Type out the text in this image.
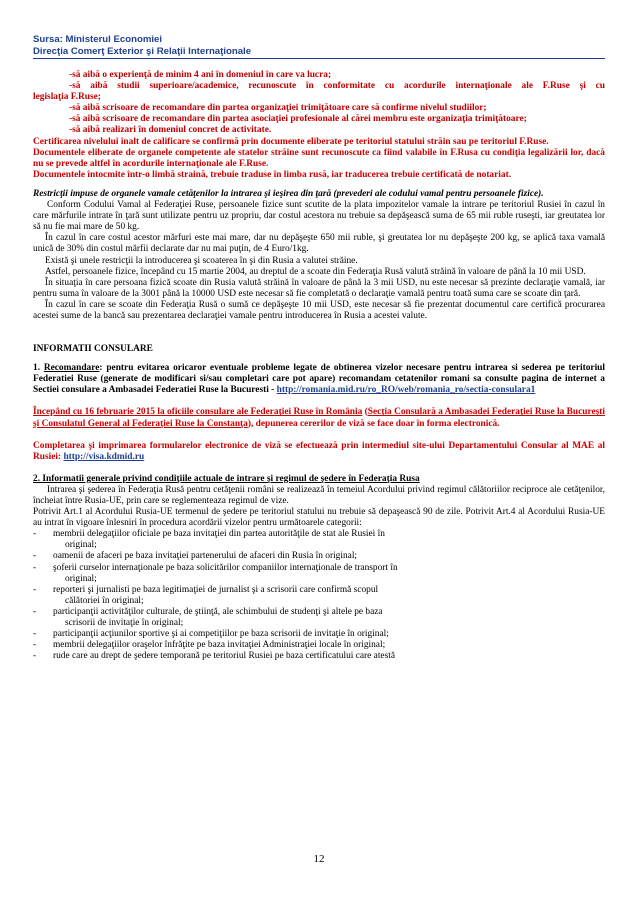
Sursa: Ministerul Economiei
Direcţia Comerţ Exterior şi Relaţii Internaţionale

-să aibă o experienţă de minim 4 ani în domeniul în care va lucra;

-să aibă studii superioare/academice, recunoscute în conformitate cu acordurile internaţionale ale F.Ruse şi cu

legislaţia F.Ruse;

-să aibă scrisoare de recomandare din partea organizaţiei trimiţătoare care să confirme nivelul studiilor;

-să aibă scrisoare de recomandare din partea asociaţiei profesionale al cărei membru este organizaţia trimiţătoare;

-să aibă realizari în domeniul concret de activitate.

Certificarea nivelului înalt de calificare se confirmă prin documente eliberate pe teritoriul statului străin sau pe teritoriul F.Ruse.

Documentele eliberate de organele competente ale statelor străine sunt recunoscute ca fiind valabile în F.Rusa cu condiţia legalizării lor, dacă nu se prevede altfel în acordurile internaţionale ale F.Ruse.

Documentele întocmite într-o limbă straină, trebuie traduse în limba rusă, iar traducerea trebuie certificată de notariat.

Restricţii impuse de organele vamale cetăţenilor la intrarea şi ieşirea din ţară (prevederi ale codului vamal pentru persoanele fizice).

Conform Codului Vamal al Federaţiei Ruse, persoanele fizice sunt scutite de la plata impozitelor vamale la intrare pe teritoriul Rusiei în cazul în care mărfurile intrate în ţară sunt utilizate pentru uz propriu, dar costul acestora nu trebuie sa depăşească suma de 65 mii ruble ruseşti, iar greutatea lor să nu fie mai mare de 50 kg.

În cazul în care costul acestor mărfuri este mai mare, dar nu depăşeşte 650 mii ruble, şi greutatea lor nu depăşeşte 200 kg, se aplică taxa vamală unică de 30% din costul mărfii declarate dar nu mai puţin, de 4 Euro/1kg.

Există şi unele restricţii la introducerea şi scoaterea în şi din Rusia a valutei străine.

Astfel, persoanele fizice, începând cu 15 martie 2004, au dreptul de a scoate din Federaţia Rusă valută străină în valoare de până la 10 mii USD.

În situaţia în care persoana fizică scoate din Rusia valută străină în valoare de până la 3 mii USD, nu este necesar să prezinte declaraţie vamală, iar pentru suma în valoare de la 3001 până la 10000 USD este necesar să fie completată o declaraţie vamală pentru toată suma care se scoate din ţară.

În cazul în care se scoate din Federaţia Rusă o sumă ce depăşeşte 10 mii USD, este necesar să fie prezentat documentul care certifică procurarea acestei sume de la bancă sau prezentarea declaraţiei vamale pentru introducerea în Rusia a acestei valute.

INFORMATII CONSULARE

1. Recomandare: pentru evitarea oricaror eventuale probleme legate de obtinerea vizelor necesare pentru intrarea si sederea pe teritoriul Federatiei Ruse (generate de modificari si/sau completari care pot apare) recomandam cetatenilor romani sa consulte pagina de internet a Sectiei consulare a Ambasadei Federatiei Ruse la Bucuresti - http://romania.mid.ru/ro_RO/web/romania_ro/sectia-consulara1

Începând cu 16 februarie 2015 la oficiile consulare ale Federaţiei Ruse în România (Secţia Consulară a Ambasadei Federaţiei Ruse la Bucureşti şi Consulatul General al Federaţiei Ruse la Constanţa), depunerea cererilor de viză se face doar în forma electronică.

Completarea şi imprimarea formularelor electronice de viză se efectuează prin intermediul site-ului Departamentului Consular al MAE al Rusiei: http://visa.kdmid.ru

2. Informatii generale privind condiţiile actuale de intrare şi regimul de şedere în Federaţia Rusa

Intrarea şi şederea în Federaţia Rusă pentru cetăţenii români se realizează în temeiul Acordului privind regimul călătoriilor reciproce ale cetăţenilor, încheiat între Rusia-UE, prin care se reglementeaza regimul de vize.

Potrivit Art.1 al Acordului Rusia-UE termenul de şedere pe teritoriul statului nu trebuie să depaşească 90 de zile. Potrivit Art.4 al Acordului Rusia-UE au intrat în vigoare înlesniri în procedura acordării vizelor pentru următoarele categorii:

- membrii delegaţiilor oficiale pe baza invitaţiei din partea autorităţile de stat ale Rusiei în
original;
- oamenii de afaceri pe baza invitaţiei partenerului de afaceri din Rusia în original;
- şoferii curselor internaţionale pe baza solicitărilor companiilor internaţionale de transport în
original;
- reporteri şi jurnalisti pe baza legitimaţiei de jurnalist şi a scrisorii care confirmă scopul
călătoriei în original;
- participanţii activităţilor culturale, de ştiinţă, ale schimbului de studenţi şi altele pe baza
scrisorii de invitaţie în original;
- participanţii acţiunilor sportive şi ai competiţiilor pe baza scrisorii de invitaţie în original;
- membrii delegaţiilor oraşelor înfrăţite pe baza invitaţiei Administraţiei locale în original;
- rude care au drept de şedere temporană pe teritoriul Rusiei pe baza certificatului care atestă
12
